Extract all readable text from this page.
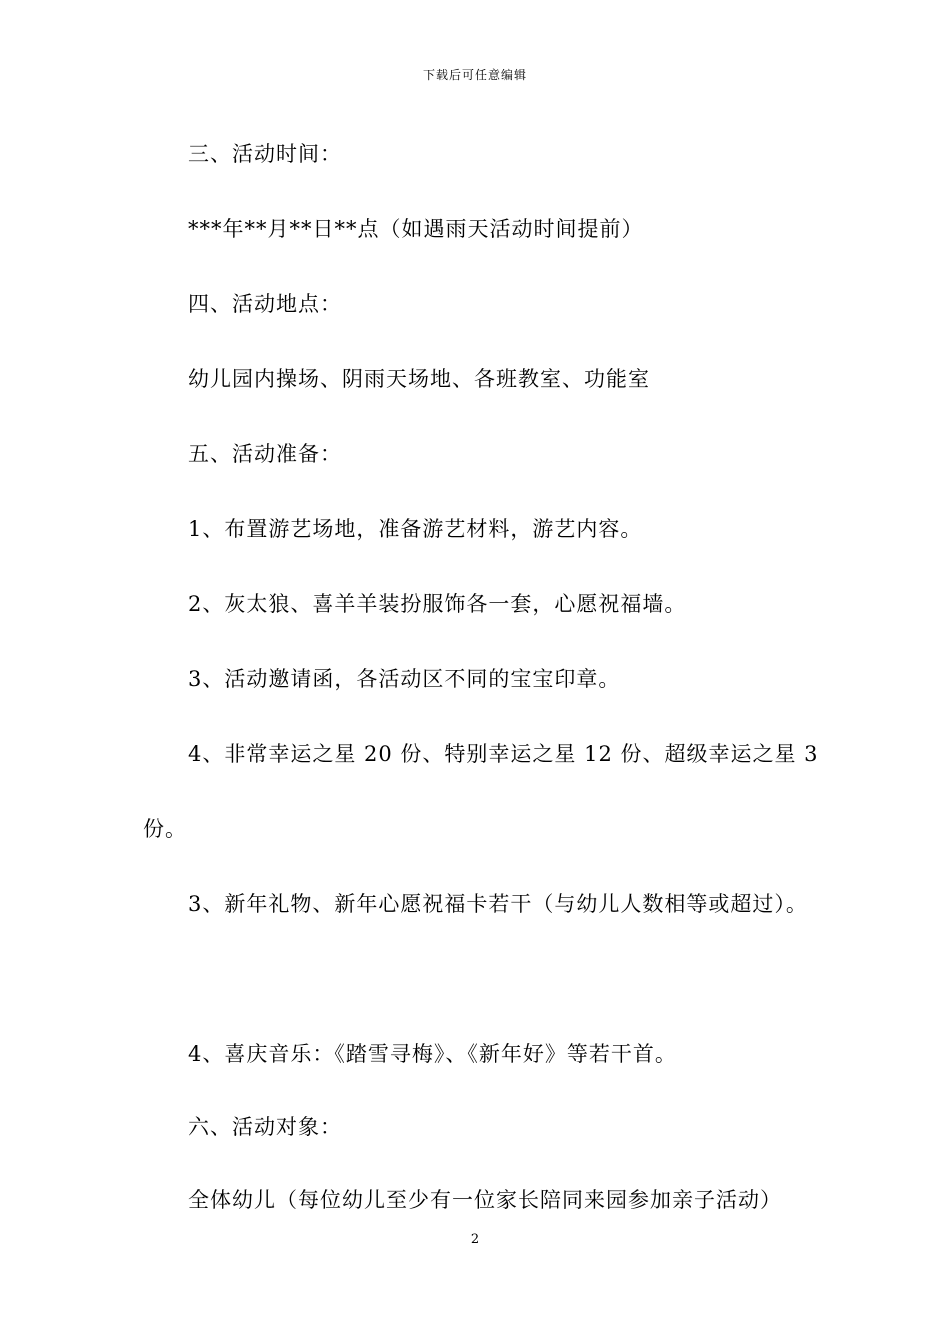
下载后可任意编辑
三、活动时间：
***年**月**日**点（如遇雨天活动时间提前）
四、活动地点：
幼儿园内操场、阴雨天场地、各班教室、功能室
五、活动准备：
1、布置游艺场地，准备游艺材料，游艺内容。
2、灰太狼、喜羊羊装扮服饰各一套，心愿祝福墙。
3、活动邀请函，各活动区不同的宝宝印章。
4、非常幸运之星 20 份、特别幸运之星 12 份、超级幸运之星 3
份。
3、新年礼物、新年心愿祝福卡若干（与幼儿人数相等或超过）。
4、喜庆音乐：《踏雪寻梅》、《新年好》等若干首。
六、活动对象：
全体幼儿（每位幼儿至少有一位家长陪同来园参加亲子活动）
2
